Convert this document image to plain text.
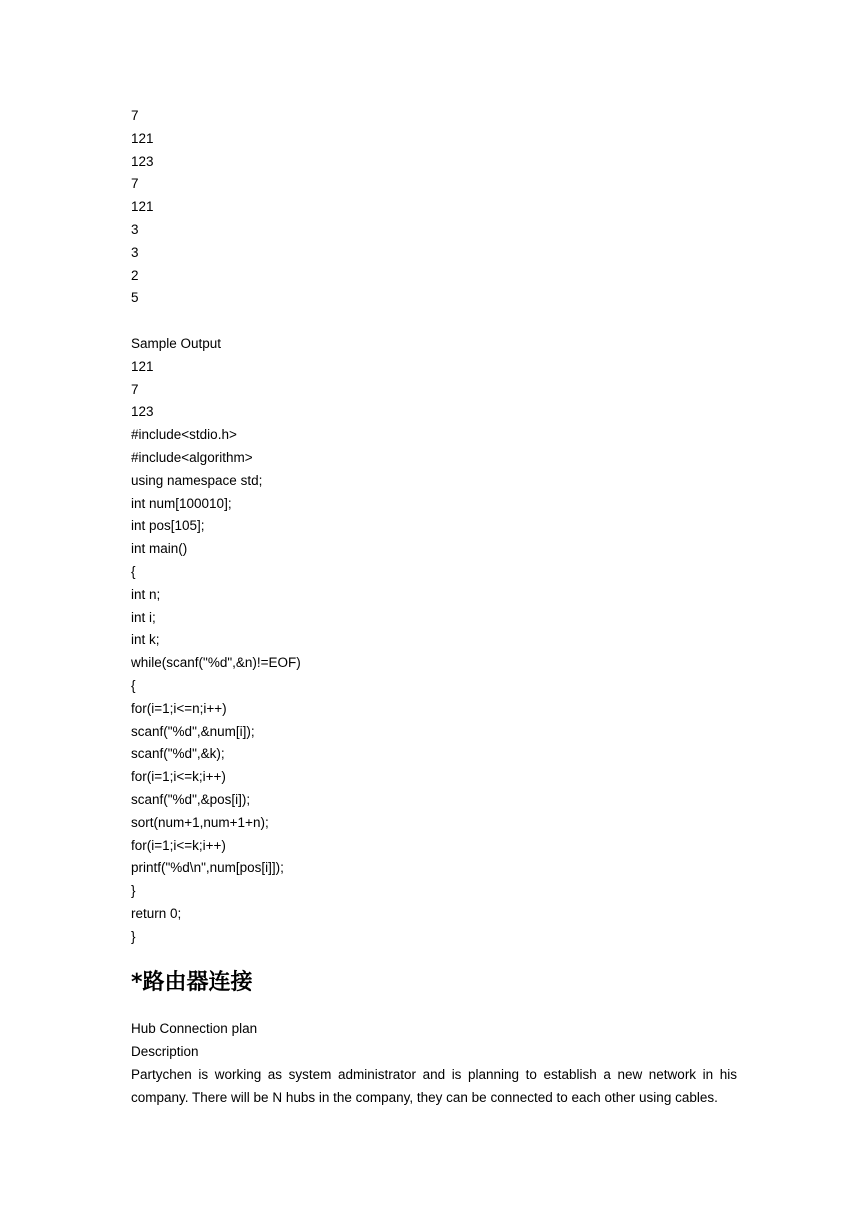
7
121
123
7
121
3
3
2
5
Sample Output
121
7
123
#include<stdio.h>
#include<algorithm>
using namespace std;
int num[100010];
int pos[105];
int main()
{
int n;
int i;
int k;
while(scanf("%d",&n)!=EOF)
{
for(i=1;i<=n;i++)
scanf("%d",&num[i]);
scanf("%d",&k);
for(i=1;i<=k;i++)
scanf("%d",&pos[i]);
sort(num+1,num+1+n);
for(i=1;i<=k;i++)
printf("%d\n",num[pos[i]]);
}
return 0;
}
*路由器连接
Hub Connection plan
Description
Partychen is working as system administrator and is planning to establish a new network in his company. There will be N hubs in the company, they can be connected to each other using cables.
